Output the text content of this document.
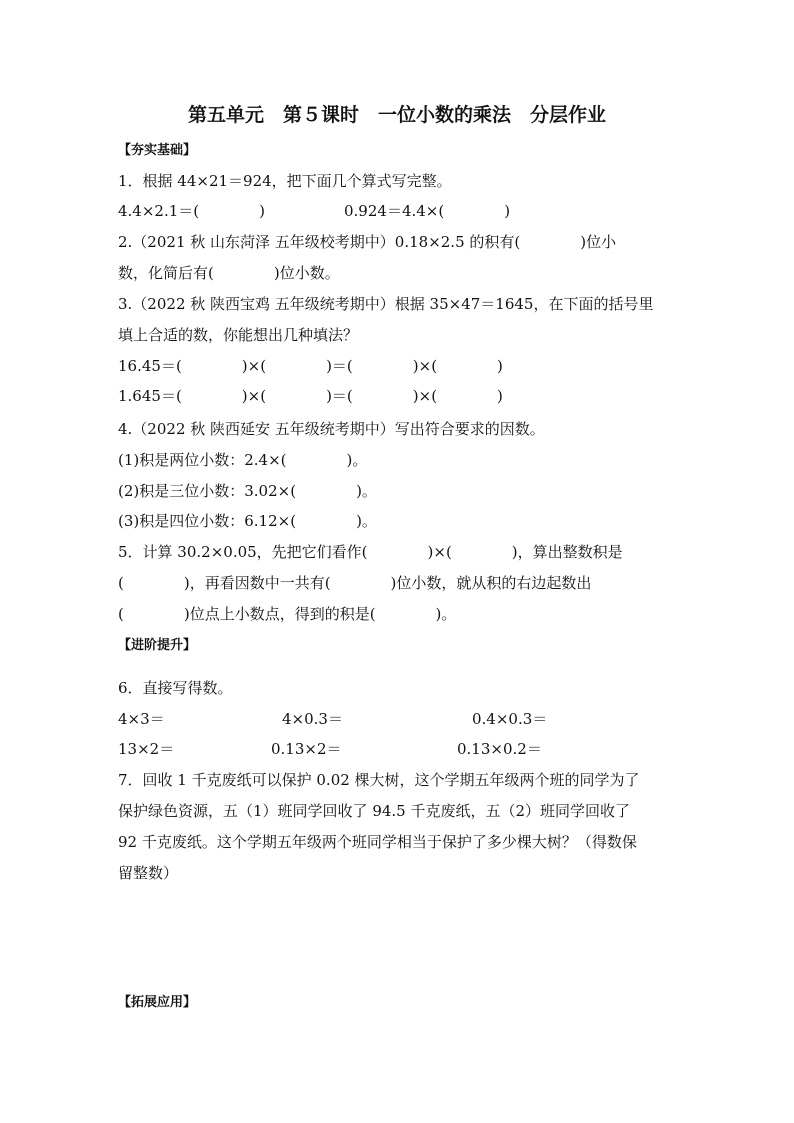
第五单元　第５课时　一位小数的乘法　分层作业
【夯实基础】
1．根据 44×21＝924，把下面几个算式写完整。
4.4×2.1＝(　　　　)	0.924＝4.4×(　　　　)
2.（2021 秋 山东菏泽 五年级校考期中）0.18×2.5 的积有(　　　　)位小
数，化简后有(　　　　)位小数。
3.（2022 秋 陕西宝鸡 五年级统考期中）根据 35×47＝1645，在下面的括号里
填上合适的数，你能想出几种填法？
16.45＝(　　　　)×(　　　　)＝(　　　　)×(　　　　)
1.645＝(　　　　)×(　　　　)＝(　　　　)×(　　　　)
4.（2022 秋 陕西延安 五年级统考期中）写出符合要求的因数。
(1)积是两位小数：2.4×(　　　　)。
(2)积是三位小数：3.02×(　　　　)。
(3)积是四位小数：6.12×(　　　　)。
5．计算 30.2×0.05，先把它们看作(　　　　)×(　　　　)，算出整数积是
(　　　　)，再看因数中一共有(　　　　)位小数，就从积的右边起数出
(　　　　)位点上小数点，得到的积是(　　　　)。
【进阶提升】
6．直接写得数。
4×3＝	4×0.3＝	0.4×0.3＝
13×2＝	0.13×2＝	0.13×0.2＝
7．回收 1 千克废纸可以保护 0.02 棵大树，这个学期五年级两个班的同学为了
保护绿色资源，五（1）班同学回收了 94.5 千克废纸，五（2）班同学回收了
92 千克废纸。这个学期五年级两个班同学相当于保护了多少棵大树？（得数保
留整数）
【拓展应用】
